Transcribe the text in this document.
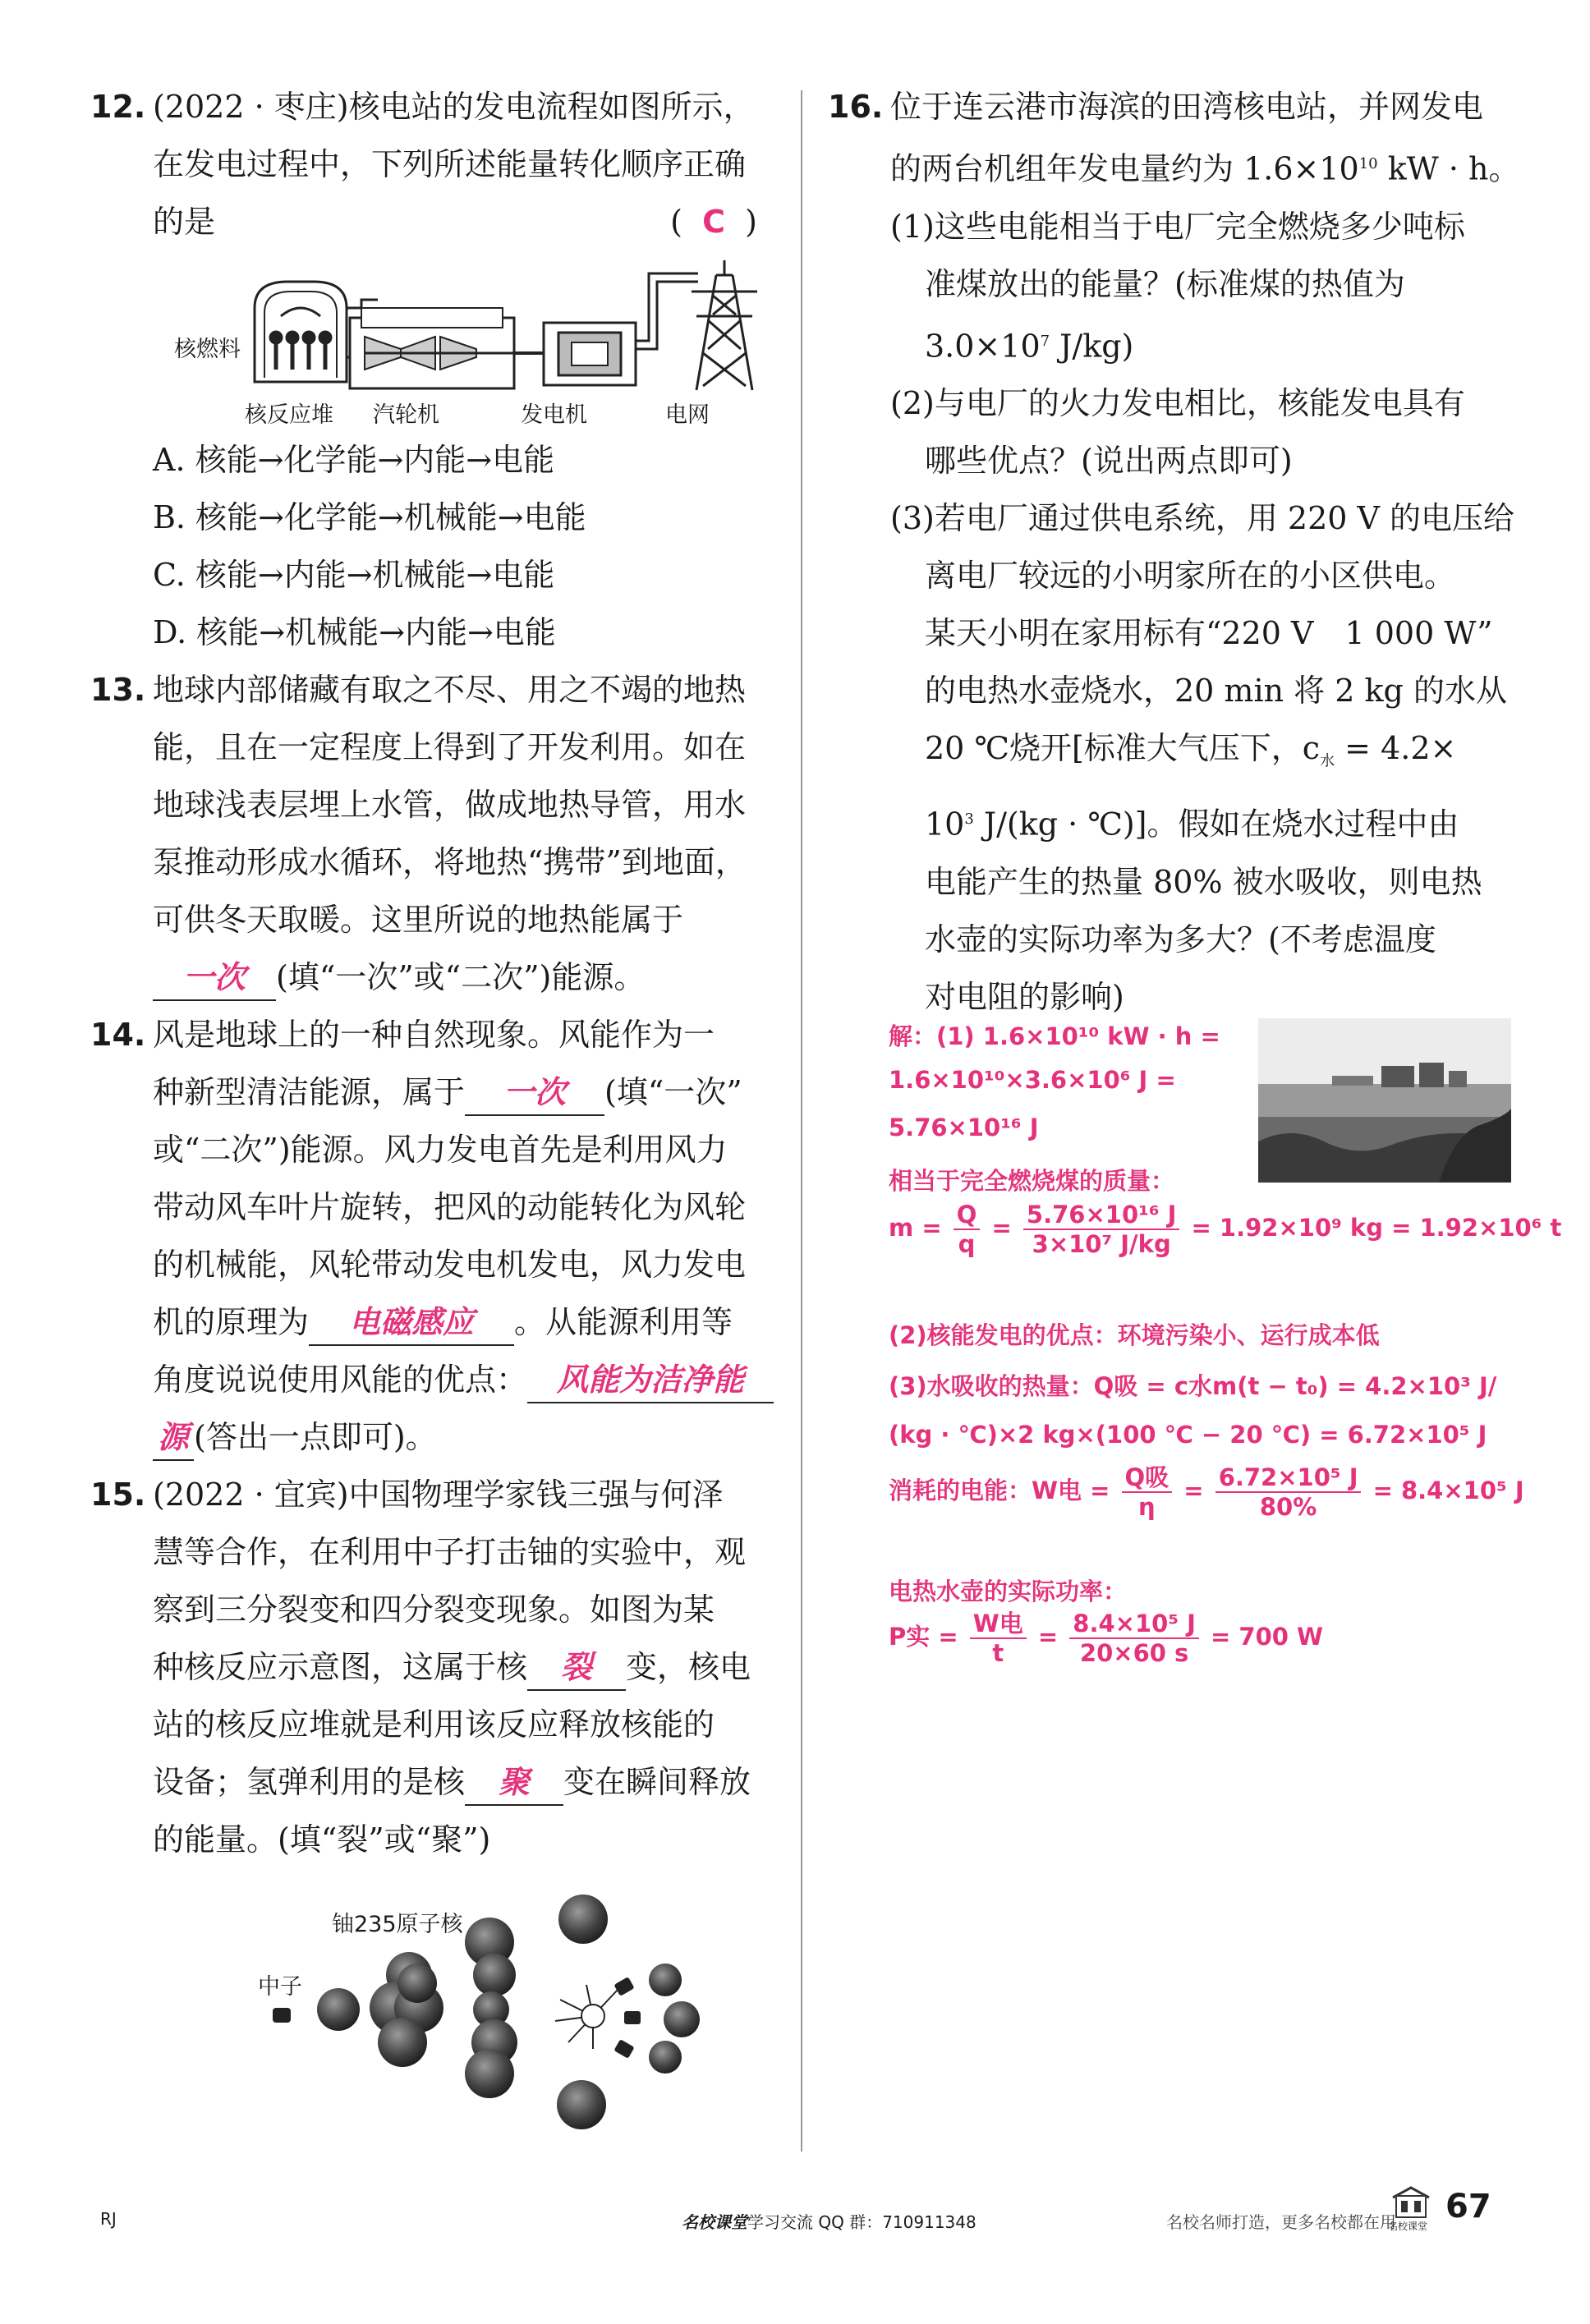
12. (2022 · 枣庄)核电站的发电流程如图所示，
在发电过程中，下列所述能量转化顺序正确
的是	( C )
核燃料
核反应堆 汽轮机	发电机	电网
A. 核能→化学能→内能→电能
B. 核能→化学能→机械能→电能
C. 核能→内能→机械能→电能
D. 核能→机械能→内能→电能
13. 地球内部储藏有取之不尽、用之不竭的地热
能，且在一定程度上得到了开发利用。如在
地球浅表层埋上水管，做成地热导管，用水
泵推动形成水循环，将地热“携带”到地面，
可供冬天取暖。这里所说的地热能属于
一次 (填“一次”或“二次”)能源。
14. 风是地球上的一种自然现象。风能作为一
种新型清洁能源，属于 一次 (填“一次”
或“二次”)能源。风力发电首先是利用风力
带动风车叶片旋转，把风的动能转化为风轮
的机械能，风轮带动发电机发电，风力发电
机的原理为 电磁感应 。从能源利用等
角度说说使用风能的优点： 风能为洁净能
源 (答出一点即可)。
15. (2022 · 宜宾)中国物理学家钱三强与何泽
慧等合作，在利用中子打击铀的实验中，观
察到三分裂变和四分裂变现象。如图为某
种核反应示意图，这属于核 裂 变，核电
站的核反应堆就是利用该反应释放核能的
设备；氢弹利用的是核 聚 变在瞬间释放
的能量。(填“裂”或“聚”)
铀235原子核
中子
16. 位于连云港市海滨的田湾核电站，并网发电
的两台机组年发电量约为 $1.6\times 10^{10}$ kW · h。
(1)这些电能相当于电厂完全燃烧多少吨标
准煤放出的能量？(标准煤的热值为
$3.0\times 10^7$ J/kg)
(2)与电厂的火力发电相比，核能发电具有
哪些优点？(说出两点即可)
(3)若电厂通过供电系统，用 220 V 的电压给
离电厂较远的小明家所在的小区供电。
某天小明在家用标有“220 V　1 000 W”
的电热水壶烧水，20 min 将 2 kg 的水从
20 ℃烧开[标准大气压下，$c_水 = 4.2\times$
$10^3$ J/(kg · ℃)]。假如在烧水过程中由
电能产生的热量 80% 被水吸收，则电热
水壶的实际功率为多大？(不考虑温度
对电阻的影响)
解：(1) 1.6×10¹⁰ kW · h =
1.6×10¹⁰×3.6×10⁶ J =
5.76×10¹⁶ J
相当于完全燃烧煤的质量：
$m = \frac{Q}{q} = \frac{\text{5.76×10¹⁶ J}}{\text{3×10⁷ J/kg}} = 1.92\times 10^9$ kg = 1.92×10⁶ t
(2)核能发电的优点：环境污染小、运行成本低
(3)水吸收的热量：Q吸 = c水m(t − t₀) = 4.2×10³ J/
(kg · ℃)×2 kg×(100 ℃ − 20 ℃) = 6.72×10⁵ J
消耗的电能：W电 = $\frac{\text{Q吸}}{\eta} = \frac{\text{6.72×10⁵ J}}{80\%} = 8.4\times 10^5$ J
电热水壶的实际功率：
P实 = $\frac{\text{W电}}{t} = \frac{\text{8.4×10⁵ J}}{20\times 60 s} = 700$ W
RJ	名校课堂学习交流 QQ 群：710911348	名校名师打造，更多名校都在用
名校课堂
67
